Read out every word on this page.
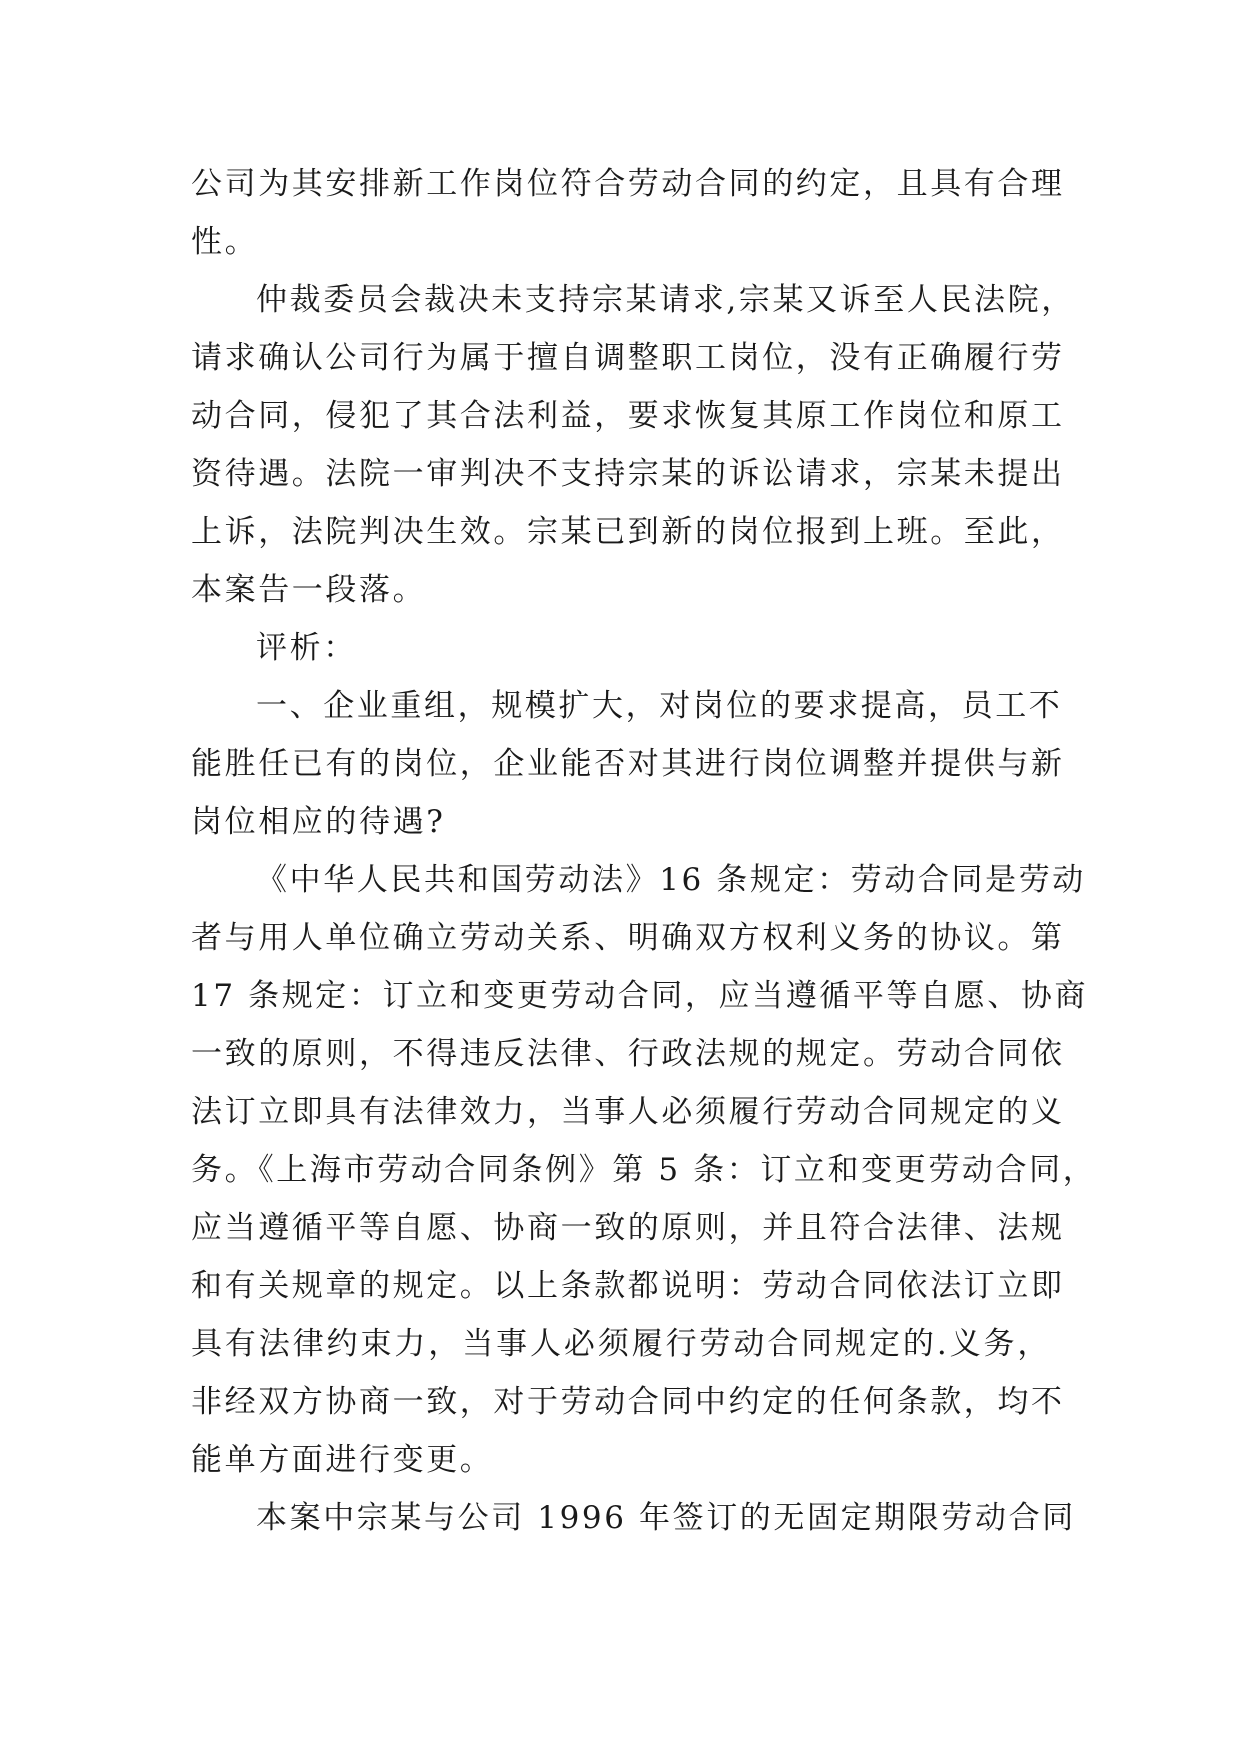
公司为其安排新工作岗位符合劳动合同的约定，且具有合理
性。
仲裁委员会裁决未支持宗某请求,宗某又诉至人民法院，
请求确认公司行为属于擅自调整职工岗位，没有正确履行劳
动合同，侵犯了其合法利益，要求恢复其原工作岗位和原工
资待遇。法院一审判决不支持宗某的诉讼请求，宗某未提出
上诉，法院判决生效。宗某已到新的岗位报到上班。至此，
本案告一段落。
评析：
一、企业重组，规模扩大，对岗位的要求提高，员工不
能胜任已有的岗位，企业能否对其进行岗位调整并提供与新
岗位相应的待遇?
《中华人民共和国劳动法》16 条规定：劳动合同是劳动
者与用人单位确立劳动关系、明确双方权利义务的协议。第
17 条规定：订立和变更劳动合同，应当遵循平等自愿、协商
一致的原则，不得违反法律、行政法规的规定。劳动合同依
法订立即具有法律效力，当事人必须履行劳动合同规定的义
务。《上海市劳动合同条例》第 5 条：订立和变更劳动合同，
应当遵循平等自愿、协商一致的原则，并且符合法律、法规
和有关规章的规定。以上条款都说明：劳动合同依法订立即
具有法律约束力，当事人必须履行劳动合同规定的.义务，
非经双方协商一致，对于劳动合同中约定的任何条款，均不
能单方面进行变更。
本案中宗某与公司 1996 年签订的无固定期限劳动合同
